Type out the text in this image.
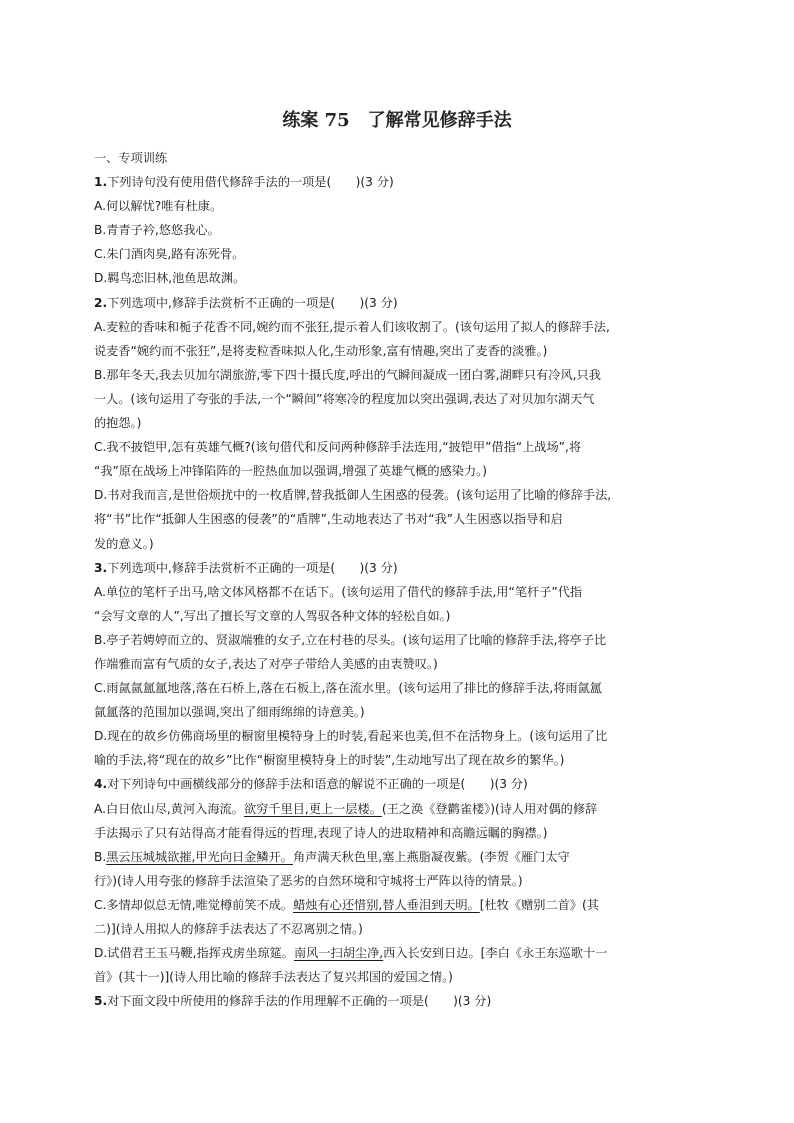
练案 75　了解常见修辞手法
一、专项训练
1.下列诗句没有使用借代修辞手法的一项是(　　)(3 分)
A.何以解忧?唯有杜康。
B.青青子衿,悠悠我心。
C.朱门酒肉臭,路有冻死骨。
D.羁鸟恋旧林,池鱼思故渊。
2.下列选项中,修辞手法赏析不正确的一项是(　　)(3 分)
A.麦粒的香味和栀子花香不同,婉约而不张狂,提示着人们该收割了。(该句运用了拟人的修辞手法,
说麦香“婉约而不张狂”,是将麦粒香味拟人化,生动形象,富有情趣,突出了麦香的淡雅。)
B.那年冬天,我去贝加尔湖旅游,零下四十摄氏度,呼出的气瞬间凝成一团白雾,湖畔只有冷风,只我
一人。(该句运用了夸张的手法,一个“瞬间”将寒冷的程度加以突出强调,表达了对贝加尔湖天气
的抱怨。)
C.我不披铠甲,怎有英雄气概?(该句借代和反问两种修辞手法连用,“披铠甲”借指“上战场”,将
“我”原在战场上冲锋陷阵的一腔热血加以强调,增强了英雄气概的感染力。)
D.书对我而言,是世俗烦扰中的一枚盾牌,替我抵御人生困惑的侵袭。(该句运用了比喻的修辞手法,
将“书”比作“抵御人生困惑的侵袭”的“盾牌”,生动地表达了书对“我”人生困惑以指导和启
发的意义。)
3.下列选项中,修辞手法赏析不正确的一项是(　　)(3 分)
A.单位的笔杆子出马,啥文体风格都不在话下。(该句运用了借代的修辞手法,用“笔杆子”代指
“会写文章的人”,写出了擅长写文章的人驾驭各种文体的轻松自如。)
B.亭子若娉婷而立的、贤淑端雅的女子,立在村巷的尽头。(该句运用了比喻的修辞手法,将亭子比
作端雅而富有气质的女子,表达了对亭子带给人美感的由衷赞叹。)
C.雨氤氤氲氲地落,落在石桥上,落在石板上,落在流水里。(该句运用了排比的修辞手法,将雨氤氲
氤氲落的范围加以强调,突出了细雨绵绵的诗意美。)
D.现在的故乡仿佛商场里的橱窗里模特身上的时装,看起来也美,但不在活物身上。(该句运用了比
喻的手法,将“现在的故乡”比作“橱窗里模特身上的时装”,生动地写出了现在故乡的繁华。)
4.对下列诗句中画横线部分的修辞手法和语意的解说不正确的一项是(　　)(3 分)
A.白日依山尽,黄河入海流。欲穷千里目,更上一层楼。(王之涣《登鹳雀楼》)(诗人用对偶的修辞
手法揭示了只有站得高才能看得远的哲理,表现了诗人的进取精神和高瞻远瞩的胸襟。)
B.黑云压城城欲摧,甲光向日金鳞开。角声满天秋色里,塞上燕脂凝夜紫。(李贺《雁门太守
行》)(诗人用夸张的修辞手法渲染了恶劣的自然环境和守城将士严阵以待的情景。)
C.多情却似总无情,唯觉樽前笑不成。蜡烛有心还惜别,替人垂泪到天明。[杜牧《赠别二首》(其
二)](诗人用拟人的修辞手法表达了不忍离别之情。)
D.试借君王玉马鞭,指挥戎虏坐琼筵。南风一扫胡尘净,西入长安到日边。[李白《永王东巡歌十一
首》(其十一)](诗人用比喻的修辞手法表达了复兴邦国的爱国之情。)
5.对下面文段中所使用的修辞手法的作用理解不正确的一项是(　　)(3 分)
